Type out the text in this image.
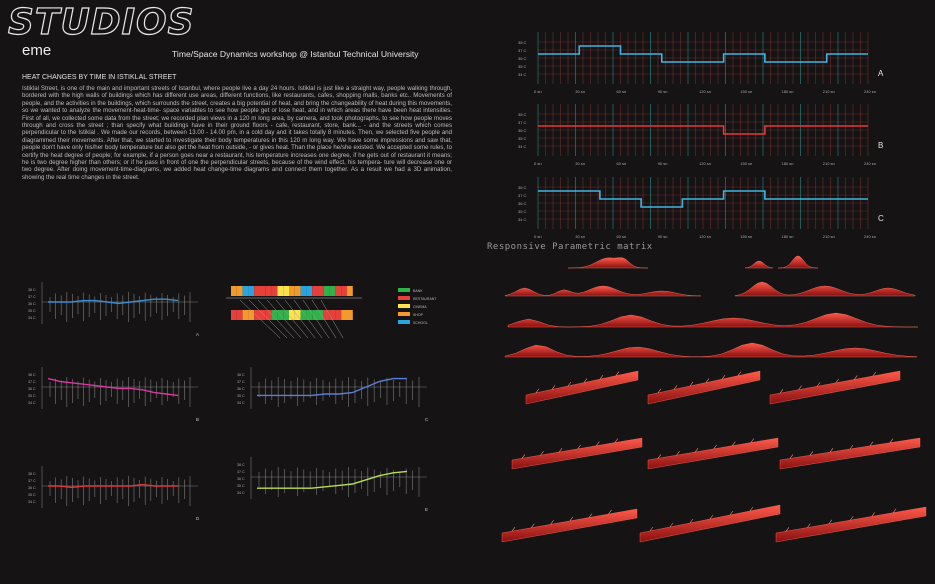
STUDIOS
eme	Time/Space Dynamics workshop @ Istanbul Technical University
HEAT CHANGES BY TIME IN ISTIKLAL STREET
Istiklal Street, is one of the main and important streets of Istanbul, where people live a day 24 hours. Istiklal is just like a straight way, people walking through, bordered with the high walls of buildings which has different use areas, different functions, like restaurants, cafes, shopping malls, banks etc.. Movements of people, and the activities in the buildings, which surrounds the street, creates a big potential of heat, and bring the changeability of heat during this movements, so we wanted to analyze the movement-heat-time- space variables to see how people get or lose heat, and in which areas there have been heat intensities. First of all, we collected some data from the street; we recorded plan views in a 120 m long area, by camera, and took photographs, to see how people moves through and cross the street ; than specify what buildings have in their ground floors - cafe, restaurant, store, bank... - and the streets which comes perpendicular to the Istiklal . We made our records, between 13.00 - 14.00 pm, in a cold day and it takes totally 8 minutes. Then, we selected five people and diagrammed their movements. After that, we started to investigate their body temperatures in this 120 m long way. We have some impressions and saw that, people don't have only his/her body temperature but also get the heat from outside, - or gives heat. Than the place he/she existed. We accepted some rules, to certify the heat degree of people; for example, if a person goes near a restaurant, his temperature increases one degree, if he gets out of restaurant it means; he is two degree higher than others; or if he pass in front of one the perpendicular streets, because of the wind effect, his tempera- ture will decrease one or two degree. After doing movement-time-diagrams, we added heat change-time diagrams and connect them together. As a result we had a 3D animation, showing the real time changes in the street.
38 C
37 C
36 C
35 C
34 C
0 sn	30 sn	60 sn	90 sn	120 sn	150 sn	180 sn	210 sn	240 sn
A
38 C
37 C
36 C
35 C
34 C
0 sn	30 sn	60 sn	90 sn	120 sn	150 sn	180 sn	210 sn	240 sn
B
38 C
37 C
36 C
35 C
34 C
0 sn	30 sn	60 sn	90 sn	120 sn	150 sn	180 sn	210 sn	240 sn
C
38 C
37 C
36 C
35 C
34 C
A
38 C
37 C
36 C
35 C
34 C
B
38 C
37 C
36 C
35 C
34 C
C
38 C
37 C
36 C
35 C
34 C
D
38 C
37 C
36 C
35 C
34 C
E
BANK
RESTAURANT
CINEMA
SHOP
SCHOOL
Responsive Parametric matrix
